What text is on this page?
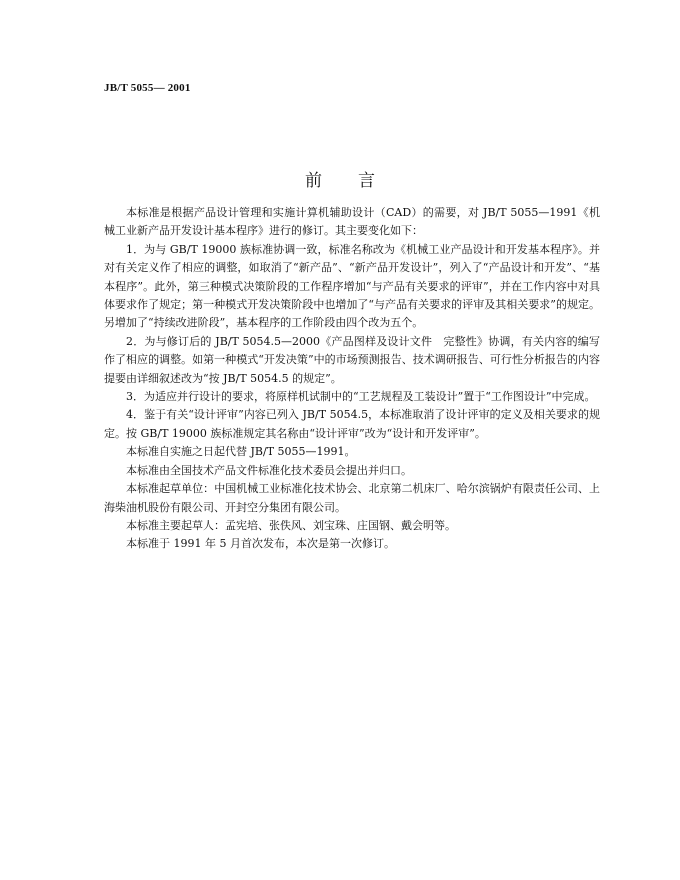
JB/T 5055— 2001
前 言

本标准是根据产品设计管理和实施计算机辅助设计（CAD）的需要，对 JB/T 5055—1991《机械工业新产品开发设计基本程序》进行的修订。其主要变化如下：

1．为与 GB/T 19000 族标准协调一致，标准名称改为《机械工业产品设计和开发基本程序》。并对有关定义作了相应的调整，如取消了“新产品”、“新产品开发设计”，列入了“产品设计和开发”、“基本程序”。此外，第三种模式决策阶段的工作程序增加“与产品有关要求的评审”，并在工作内容中对具体要求作了规定；第一种模式开发决策阶段中也增加了“与产品有关要求的评审及其相关要求”的规定。另增加了“持续改进阶段”，基本程序的工作阶段由四个改为五个。

2．为与修订后的 JB/T 5054.5—2000《产品图样及设计文件　完整性》协调，有关内容的编写作了相应的调整。如第一种模式“开发决策”中的市场预测报告、技术调研报告、可行性分析报告的内容提要由详细叙述改为“按 JB/T 5054.5 的规定”。

3．为适应并行设计的要求，将原样机试制中的“工艺规程及工装设计”置于“工作图设计”中完成。

4．鉴于有关“设计评审”内容已列入 JB/T 5054.5，本标准取消了设计评审的定义及相关要求的规定。按 GB/T 19000 族标准规定其名称由“设计评审”改为“设计和开发评审”。

本标准自实施之日起代替 JB/T 5055—1991。

本标准由全国技术产品文件标准化技术委员会提出并归口。

本标准起草单位：中国机械工业标准化技术协会、北京第二机床厂、哈尔滨锅炉有限责任公司、上海柴油机股份有限公司、开封空分集团有限公司。

本标准主要起草人：孟宪培、张佚风、刘宝珠、庄国钢、戴会明等。

本标准于 1991 年 5 月首次发布，本次是第一次修订。
